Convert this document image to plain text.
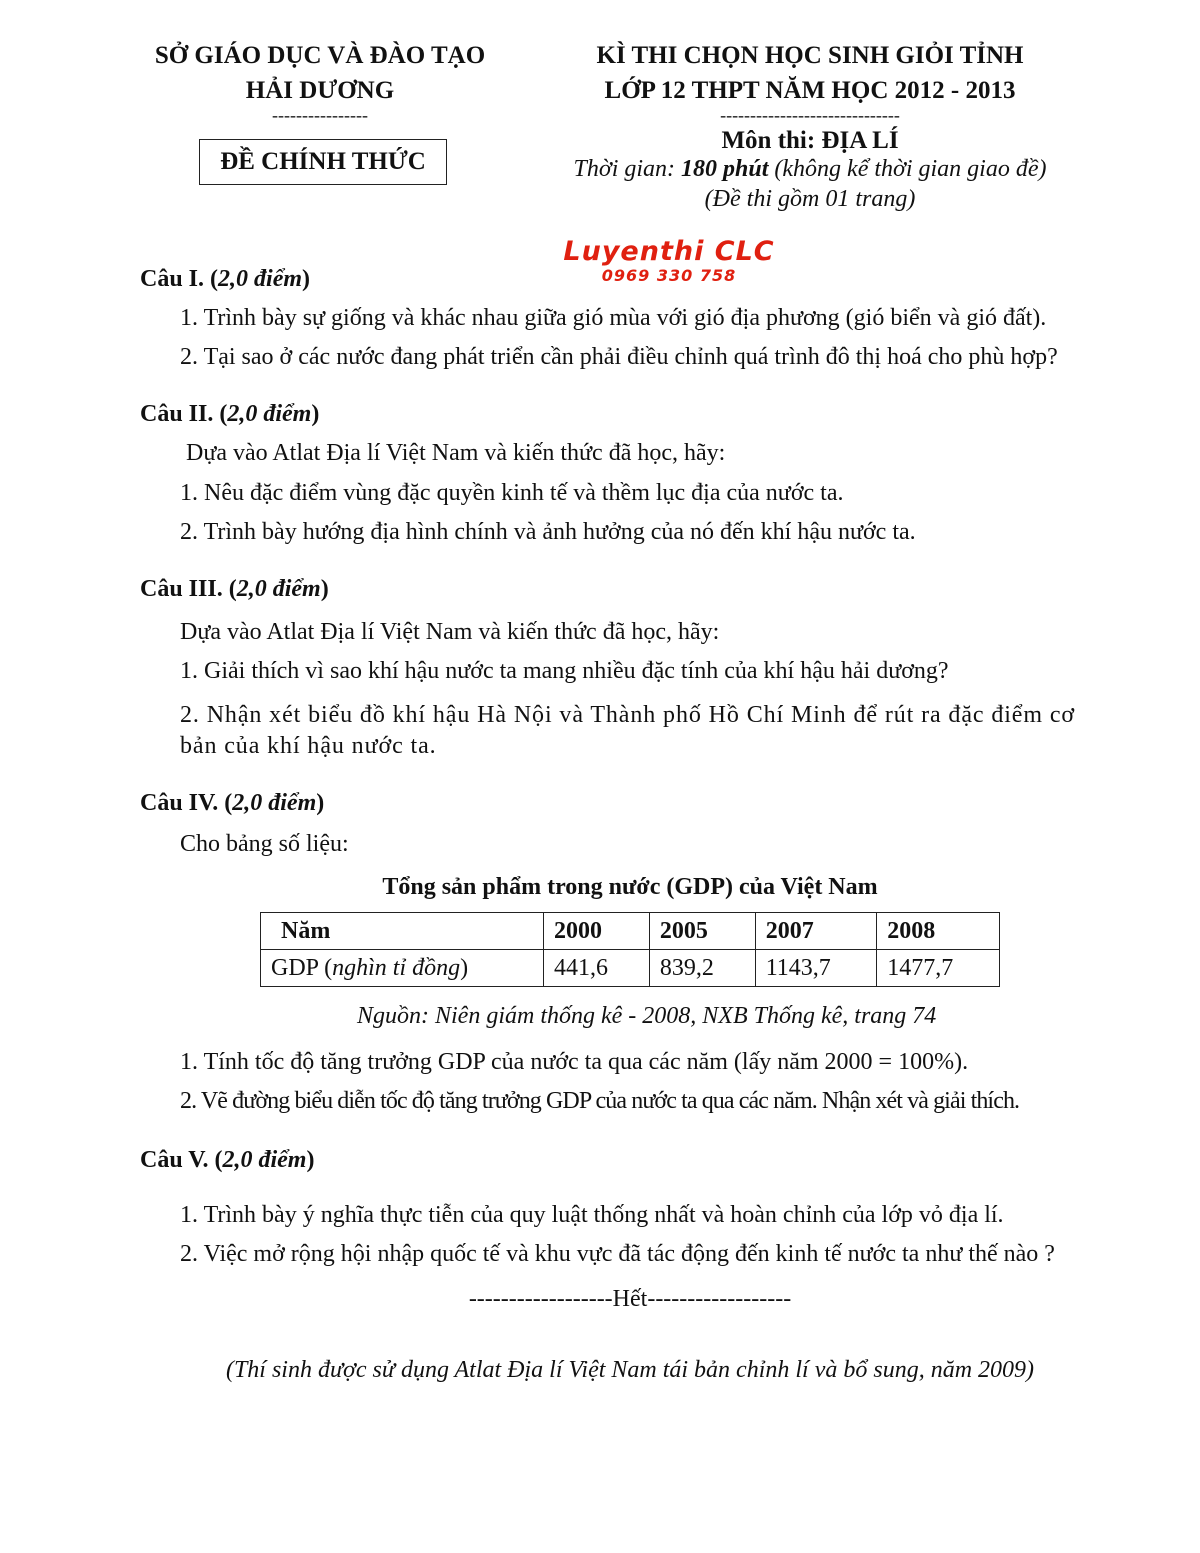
SỞ GIÁO DỤC VÀ ĐÀO TẠO
HẢI DƯƠNG
----------------
ĐỀ CHÍNH THỨC
KÌ THI CHỌN HỌC SINH GIỎI TỈNH
LỚP 12 THPT NĂM HỌC 2012 - 2013
------------------------------
Môn thi: ĐỊA LÍ
Thời gian: 180 phút (không kể thời gian giao đề)
(Đề thi gồm 01 trang)
Luyenthi CLC
0969 330 758
Câu I. (2,0 điểm)
1. Trình bày sự giống và khác nhau giữa gió mùa với gió địa phương (gió biển và gió đất).
2. Tại sao ở các nước đang phát triển cần phải điều chỉnh quá trình đô thị hoá cho phù hợp?
Câu II. (2,0 điểm)
Dựa vào Atlat Địa lí Việt Nam và kiến thức đã học, hãy:
1. Nêu đặc điểm vùng đặc quyền kinh tế và thềm lục địa của nước ta.
2. Trình bày hướng địa hình chính và ảnh hưởng của nó đến khí hậu nước ta.
Câu III. (2,0 điểm)
Dựa vào Atlat Địa lí Việt Nam và kiến thức đã học, hãy:
1. Giải thích vì sao khí hậu nước ta mang nhiều đặc tính của khí hậu hải dương?
2. Nhận xét biểu đồ khí hậu Hà Nội và Thành phố Hồ Chí Minh để rút ra đặc điểm cơ
bản của khí hậu nước ta.
Câu IV. (2,0 điểm)
Cho bảng số liệu:
Tổng sản phẩm trong nước (GDP) của Việt Nam
Năm	2000	2005	2007	2008
GDP (nghìn tỉ đồng)	441,6	839,2	1143,7	1477,7
Nguồn: Niên giám thống kê - 2008, NXB Thống kê, trang 74
1. Tính tốc độ tăng trưởng GDP của nước ta qua các năm (lấy năm 2000 = 100%).
2. Vẽ đường biểu diễn tốc độ tăng trưởng GDP của nước ta qua các năm. Nhận xét và giải thích.
Câu V. (2,0 điểm)
1. Trình bày ý nghĩa thực tiễn của quy luật thống nhất và hoàn chỉnh của lớp vỏ địa lí.
2. Việc mở rộng hội nhập quốc tế và khu vực đã tác động đến kinh tế nước ta như thế nào ?
------------------Hết------------------
(Thí sinh được sử dụng Atlat Địa lí Việt Nam tái bản chỉnh lí và bổ sung, năm 2009)
